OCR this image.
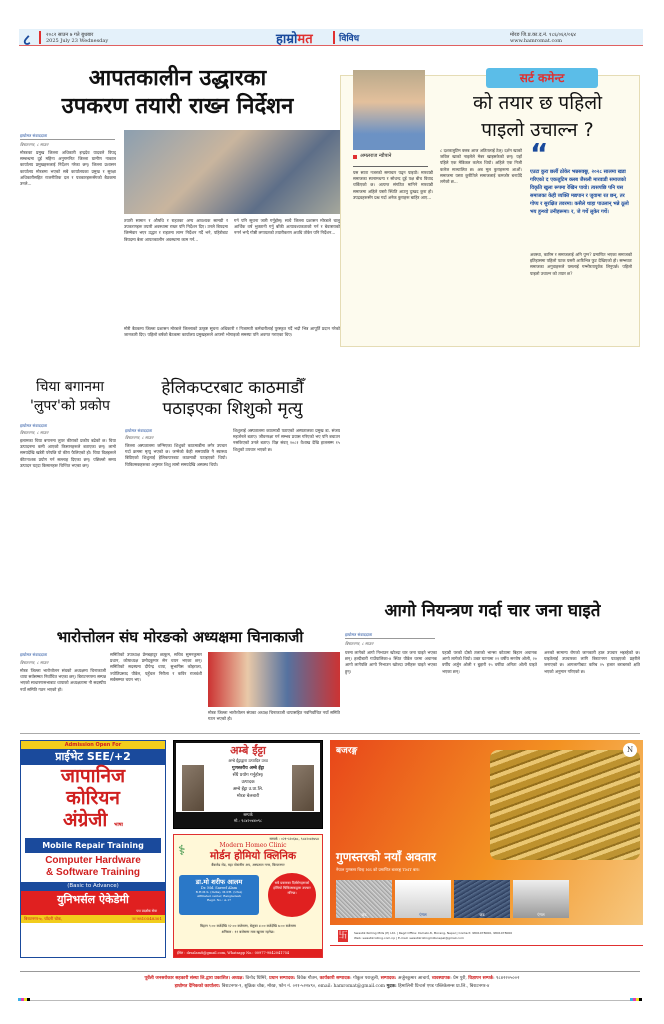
८	२०८२ साउन ७ गते बुधबार
2025 July 23 Wednesday	हाम्रोमत	विविध	मोरङ जि.प्र.का.द.नं. १८६/०६२/०६४
www.hamromat.com
आपतकालीन उद्धारका
उपकरण तयारी राख्न निर्देशन
हाम्रोमत संवाददाता
बिराटनगर, ८ साउन
मोरङका प्रमुख जिल्ला अधिकारी इन्द्रदेव यादवले विपद् सम्बन्धमा दुई महिना अनुगमनित जिल्ला ग्रामीण नाकाल कार्यालय प्रमुखहरूलाई निर्देशन गरेका छन्। जिल्ला प्रशासन कार्यालय मोरङमा भएको सबै कार्यालयका प्रमुख र सुरक्षा अधिकारीसहित राजनीतिक दल र पत्रकारहरूसँगको बैठकमा उनले...
तयारी सामान र औषधि र राहतका अन्य आवश्यक सामग्री र उपकरणहरू तयारी अवस्थामा राख्न पनि निर्देशन दिए। उनले बिपदमा जिम्मेवार भएर उद्धार र राहतमा लाग्न निर्देशन गर्दै भने, पहिरोबाट बिपदमा बेला आपतकालीन अवस्थामा काम गर्न...
गर्न पनि सूचना जारी गर्नुहोस्। साथै जिल्ला प्रशासन मोरङले चालु आर्थिक वर्ष भुक्तानी गर्नु बाँकी अत्यावश्यकताको गर्न र बेवास्ताको नगर्न भन्दै गोष्ठी लगायतको तयारीकरण अवधि तोकेर पनि निर्देशन...
मोरी बैठकमा जिल्ला प्रशासन मोरङले जिल्लाको उत्कृष्ट सूचना अधिकारी र निजामती कर्मचारीलाई पुरस्कृत गर्दै भदौ भित्र आपूर्ति प्रदान गरेको जानकारी दिए। पहिलो बर्षको बैठकमा कार्यालय प्रमुखहरूले आफ्नो भोगाइको समस्या पनि अवगत गराएका थिए।
चिया बगानमा
'लुपर'को प्रकोप
हाम्रोमत संवाददाता
बिराटनगर, ८ साउन
इलामका चिया बगानमा लुपर कीराको प्रकोप बढेको छ। चिया उत्पादनमा कमी आएको किसानहरूले बताएका छन्। लामो समयदेखि खडेरी परेपछि यो कीरा फैलिएको हो। चिया विज्ञहरूले कीटनाशक प्रयोग गर्न सल्लाह दिएका छन्। पछिल्लो समय उत्पादन घट्दा किसानहरू चिन्तित भएका छन्।
हेलिकप्टरबाट काठमाडौँ
पठाइएका शिशुको मृत्यु
हाम्रोमत संवाददाता
बिराटनगर, ८ साउन
जिल्ला अस्पतालमा जन्मिएका शिशुको काठमाडौंमा लगेर उपचार गर्दा क्रममा मृत्यु भएको छ। जन्मेको केही समयपछि नै स्वास्थ्य बिग्रिएको शिशुलाई हेलिकप्टरबाट काठमाडौं पठाइएको थियो। चिकित्सकहरूका अनुसार शिशु लामो समयदेखि अस्वस्थ थियो।
शिशुलाई अस्पतालमा काठमाडौं पठाएको अस्पतालका प्रमुख डा. संजय महर्जनले बताए। जीवनरक्षा गर्न सम्भव प्रयास गरिएको भए पनि बचाउन नसकिएको उनले बताए। विज्ञ संवत् २०८१ वैशाख देखि हालसम्म १५ शिशुको उपचार भएको छ।
अमलराज न्यौपाने
सर्ट कमेन्ट
को तयार छ पहिलो
पाइलो उचाल्न ?
यस साता नजरको समाचार पढ्न पाइयो। मारवाडी समाजका स्वनामधन्य र सोधन्द दुई पक्ष बीच विवाद चर्किएको छ। अत्यन्त संगठित मानिने मारवाडी समाजमा अहिले यस्तो स्थिति आउनु दुःखद कुरा हो। उपद्रवहरूसँग प्रश्न गर्दा अनेक कुराहरू बाहिर आए...
८ दशकजुटिम क्लब आज अतितलाई ठेल्। दर्शन खाको जविल खाको नाइलेले मेबर खाइसकेको छन्। यहाँ पहिले एक मेडिकल कलेज थियो। अहिले एक निजी कलेज सञ्चालित छ। अब मूल कुराहरूमा आऔं। समाजमा यस्ता कुरीतिले समाजलाई कमजोर बनाउँदै लगेको छ...
“
एउटा कुरा छर्ली ठोकेर भन्नसक्छु, २०२८ सालमा खडा गरिएको द एकजुटिम क्लब जैसली मारवाडी समाजको विकृति खुला रूपमा रेखिन पायो। त्यसपछि पनि यस समाजका केही व्यक्ति मद्यपान र जुवामा रत छन्, तर गोप्य र सुरक्षित तवरमा। कसैले थाहा पाउलान् भन्ने ठूलो भय हुन्थ्यो उनीहरूमा। र, जे गर्थे लुकेर गर्थे।
अवस्था, कारिम र समाजलाई अनि पुग्न? प्रमाणित भएका समाजको इतिहासमा पहिलो पटक यसरी आफैंभित्र फुट देखिएको हो। सम्भवतः समाजका अगुवाहरूले यसलाई गम्भीरतापूर्वक लिनुपर्छ। पहिलो पाइलो उचाल्न को तयार छ?
आगो नियन्त्रण गर्दा चार जना घाइते
हाम्रोमत संवाददाता
बिराटनगर, ८ साउन
घरमा लागेको आगो निभाउन खोज्दा चार जना घाइते भएका छन्। हल्दीबारी गाउँपालिका-४ स्थित पौडेल घरमा अचानक आगो लागेपछि आगो निभाउन खोज्दा उनीहरू घाइते भएका हुन्।
पहाडी परको दोस्रो तलाको भान्सा कोठामा बिहान अचानक आगो लागेको थियो। उक्त घटनामा २२ वर्षीय सन्तोष ओली, २० वर्षीय अर्जुन ओली र बुहारी १५ वर्षीया अनिता ओली घाइते भएका छन्।
अरुको सामान्य रोगको जानकारी हाल उपचार भइरहेको छ। घाइतेलाई उपचारका लागि बिराटनगर पठाइएको प्रहरीले जनाएको छ। आगलागीबाट करिब २५ हजार बराबरको क्षति भएको अनुमान गरिएको छ।
भारोत्तोलन संघ मोरङको अध्यक्षमा चिनाकाजी
हाम्रोमत संवाददाता
बिराटनगर, ८ साउन
मोरङ जिल्ला भारोत्तोलन संघको अध्यक्षमा चिनाकाजी थापा सर्वसम्मत निर्वाचित भएका छन्। बिराटनगरमा सम्पन्न भएको साधारणसभाबाट थापाको अध्यक्षतामा नौ सदस्यीय नयाँ समिति गठन भएको हो।
समितिको उपाध्यक्ष प्रेमबहादुर छत्कुम, सचिव सुमनकुमार प्रधान, कोषाध्यक्ष प्रमोदकुमार सेन चयन भएका छन्। समितिको सदस्यमा दीपेन्द्र थापा, सुभाषिस कोइराला, ज्योतिप्रसाद पौडेल, पहुँचल निरौला र कविर राजवंशी सर्वसम्मत चयन भए।
मोरङ जिल्ला भारोत्तोलन संघका अध्यक्ष चिनाकाजी थापासहित नवनिर्वाचित नयाँ समिति गठन भएको हो।
Admission Open For
प्राईभेट SEE/+2
जापानिज
कोरियन
अंग्रेजी भाषा
Mobile Repair Training
Computer Hardware
& Software Training
(Basic to Advance)
युनिभर्सल ऐकेडेमी
पथ प्रदर्शक सेवा
बिराटनगर-७, चाँदनी चोक,	☏9810548301
अम्बे ईंट्टा
अम्बे ईंट्टाद्वारा उत्पादित उच्च
गुणस्तरीय अम्बे ईंट्टा
सँधै प्रयोग गर्नुहोस्।
उत्पादक
अम्बे ईंट्टा उ.प्रा.लि.
मोरङ बेलबारी
सम्पर्क
मो.: ९८४२०४४०९८
सम्पर्क : ०२१-५२०६७८, ९८४२०४१७५४
⚕	Modern Homeo Clinic
मोर्डन होमियो क्लिनिक
बैंकरोड रोड, महा पोस्टरीम अप, अस्पताल नगर, बिराटनगर
डा.मो शरीफ आलम
Dr. Md. Sareef Alam
B.H.M.S. (India), M.P.H. (USA)
Affiliated center, Bangladesh
Regd. No.: A-17
सबै प्रकारका दिर्घरोगहरूको होमियो चिकित्सकद्वारा उपचार गरिन्छ।
बिहान ९:०० बजेदेखि १२:०० बजेसम्म, बेलुका ४:०० बजेदेखि ७:०० बजेसम्म
शनिबार : ११ बजेसम्म मात्र खुल्ला रहनेछ।
ईमेल : drsalam8@gmail.com, Whatsapp No.: 00977-9842041754
बजरङ्ग	N
गुणस्तरको नयाँ अवतार
नेपाल गुणस्तर चिन्ह NS को प्रमाणित बजरङ्ग TMT बार।
छड	एंगल	छड	एंगल
卐 Swastik Rolling Mills (P) Ltd. | Regd Office: Duhabi-8, Morang, Nepal | Contact: 9801078000, 9801078000
Web: swastikrolling.com.np | E-mail: swastikrollingmillsnepal@gmail.com
पूर्वेली जनसरोकार सहकारी संस्था लि.द्वारा प्रकाशित। अध्यक्ष: विनोद घिमिरे, प्रधान सम्पादक: विवेक गौतम, कार्यकारी सम्पादक: गोकुल पराजुली, सम्पादक: अर्जुनकुमार आचार्य, व्यवस्थापक: प्रेम पुरी, विज्ञापन सम्पर्क: ९८४२२०५००२
हाम्रोमत दैनिकको कार्यालय: बिराटनगर-९, शुक्रिक चोक, मोरङ, फोन नं. ०२१-५२२४९०, email: hamromat@gmail.com मुद्रक: हिमालिनी प्रिन्टर्स एण्ड पब्लिकेसन्स प्रा.लि., बिराटनगर-४
